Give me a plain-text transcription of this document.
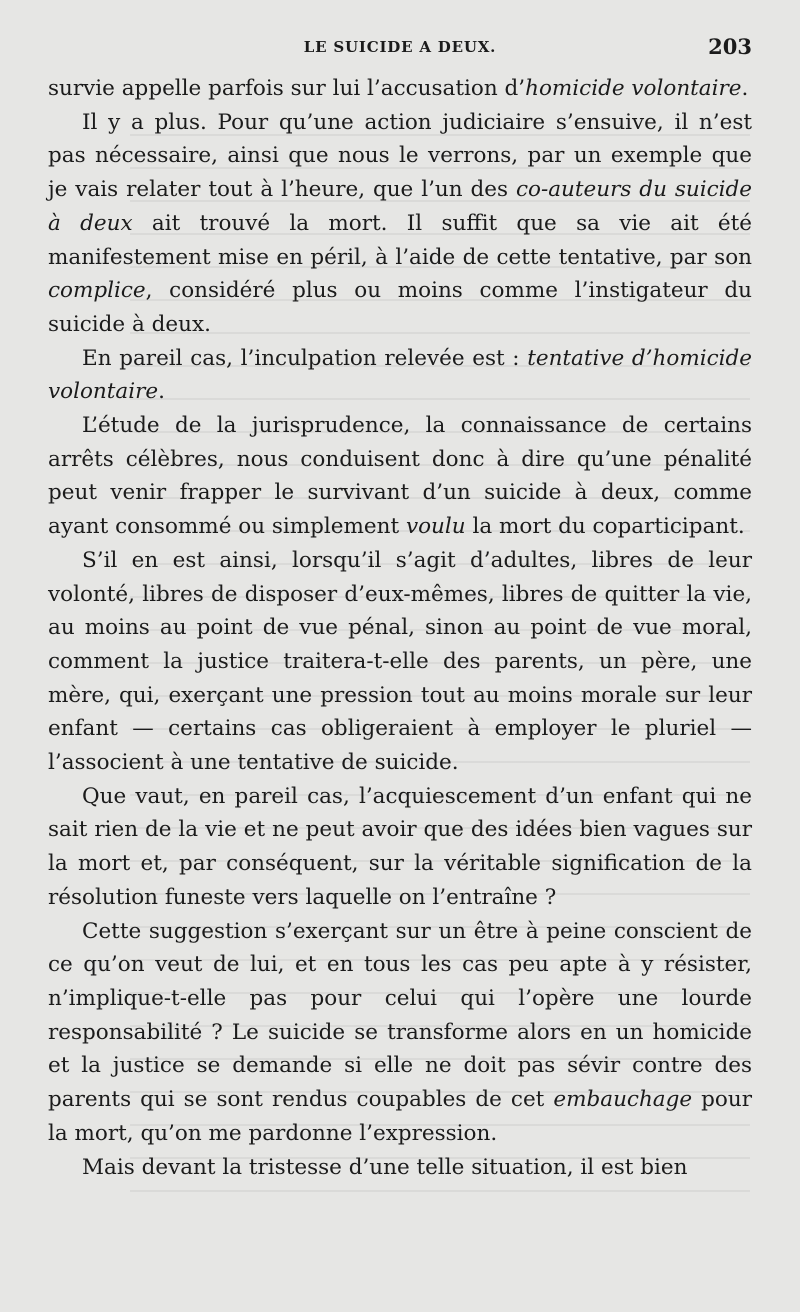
LE SUICIDE A DEUX.	203

survie appelle parfois sur lui l’accusation d’homicide volontaire.

Il y a plus. Pour qu’une action judiciaire s’ensuive, il n’est pas nécessaire, ainsi que nous le verrons, par un exemple que je vais relater tout à l’heure, que l’un des co-auteurs du suicide à deux ait trouvé la mort. Il suffit que sa vie ait été manifestement mise en péril, à l’aide de cette tentative, par son complice, considéré plus ou moins comme l’instigateur du suicide à deux.

En pareil cas, l’inculpation relevée est : tentative d’homicide volontaire.

L’étude de la jurisprudence, la connaissance de certains arrêts célèbres, nous conduisent donc à dire qu’une pénalité peut venir frapper le survivant d’un suicide à deux, comme ayant consommé ou simplement voulu la mort du coparticipant.

S’il en est ainsi, lorsqu’il s’agit d’adultes, libres de leur volonté, libres de disposer d’eux-mêmes, libres de quitter la vie, au moins au point de vue pénal, sinon au point de vue moral, comment la justice traitera-t-elle des parents, un père, une mère, qui, exerçant une pression tout au moins morale sur leur enfant — certains cas obligeraient à employer le pluriel — l’associent à une tentative de suicide.

Que vaut, en pareil cas, l’acquiescement d’un enfant qui ne sait rien de la vie et ne peut avoir que des idées bien vagues sur la mort et, par conséquent, sur la véritable signification de la résolution funeste vers laquelle on l’entraîne ?

Cette suggestion s’exerçant sur un être à peine conscient de ce qu’on veut de lui, et en tous les cas peu apte à y résister, n’implique-t-elle pas pour celui qui l’opère une lourde responsabilité ? Le suicide se transforme alors en un homicide et la justice se demande si elle ne doit pas sévir contre des parents qui se sont rendus coupables de cet embauchage pour la mort, qu’on me pardonne l’expression.

Mais devant la tristesse d’une telle situation, il est bien
